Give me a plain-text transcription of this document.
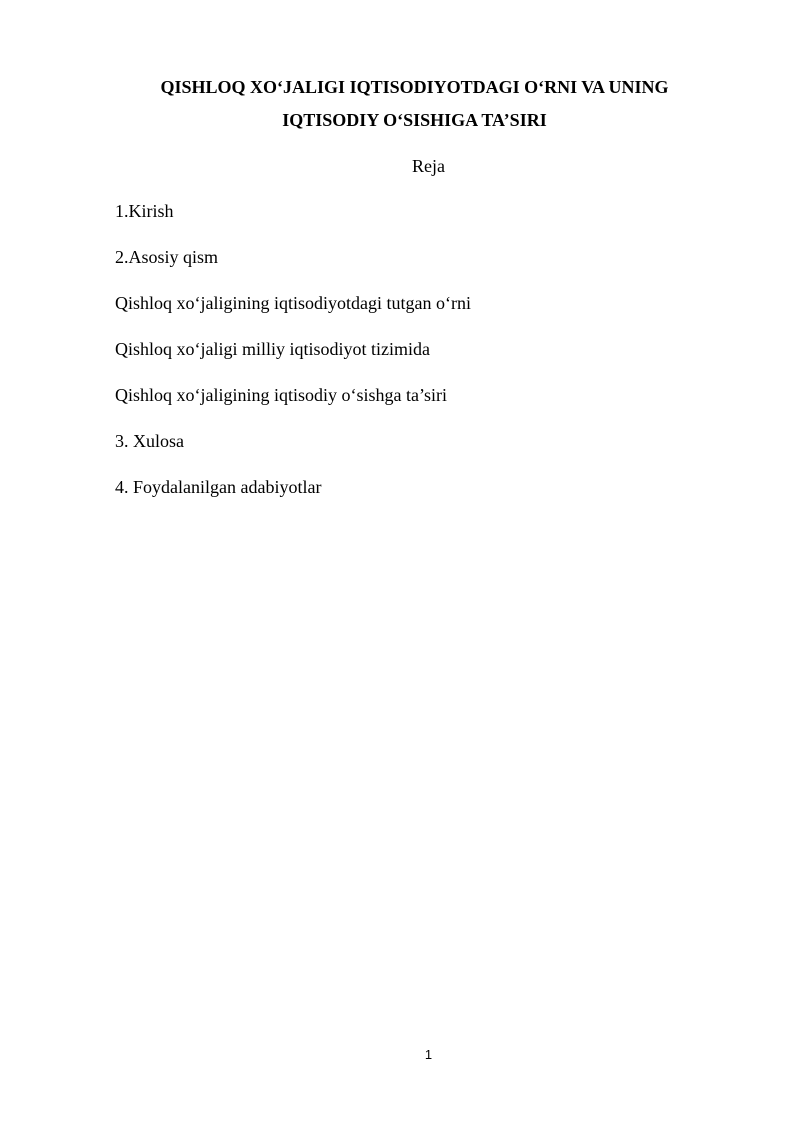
QISHLOQ XO‘JALIGI IQTISODIYOTDAGI O‘RNI VA UNING

IQTISODIY O‘SISHIGA TA’SIRI

Reja

1.Kirish
2.Asosiy qism
Qishloq xo‘jaligining iqtisodiyotdagi tutgan o‘rni
Qishloq xo‘jaligi milliy iqtisodiyot tizimida
Qishloq xo‘jaligining iqtisodiy o‘sishga ta’siri
3. Xulosa
4. Foydalanilgan adabiyotlar
1
